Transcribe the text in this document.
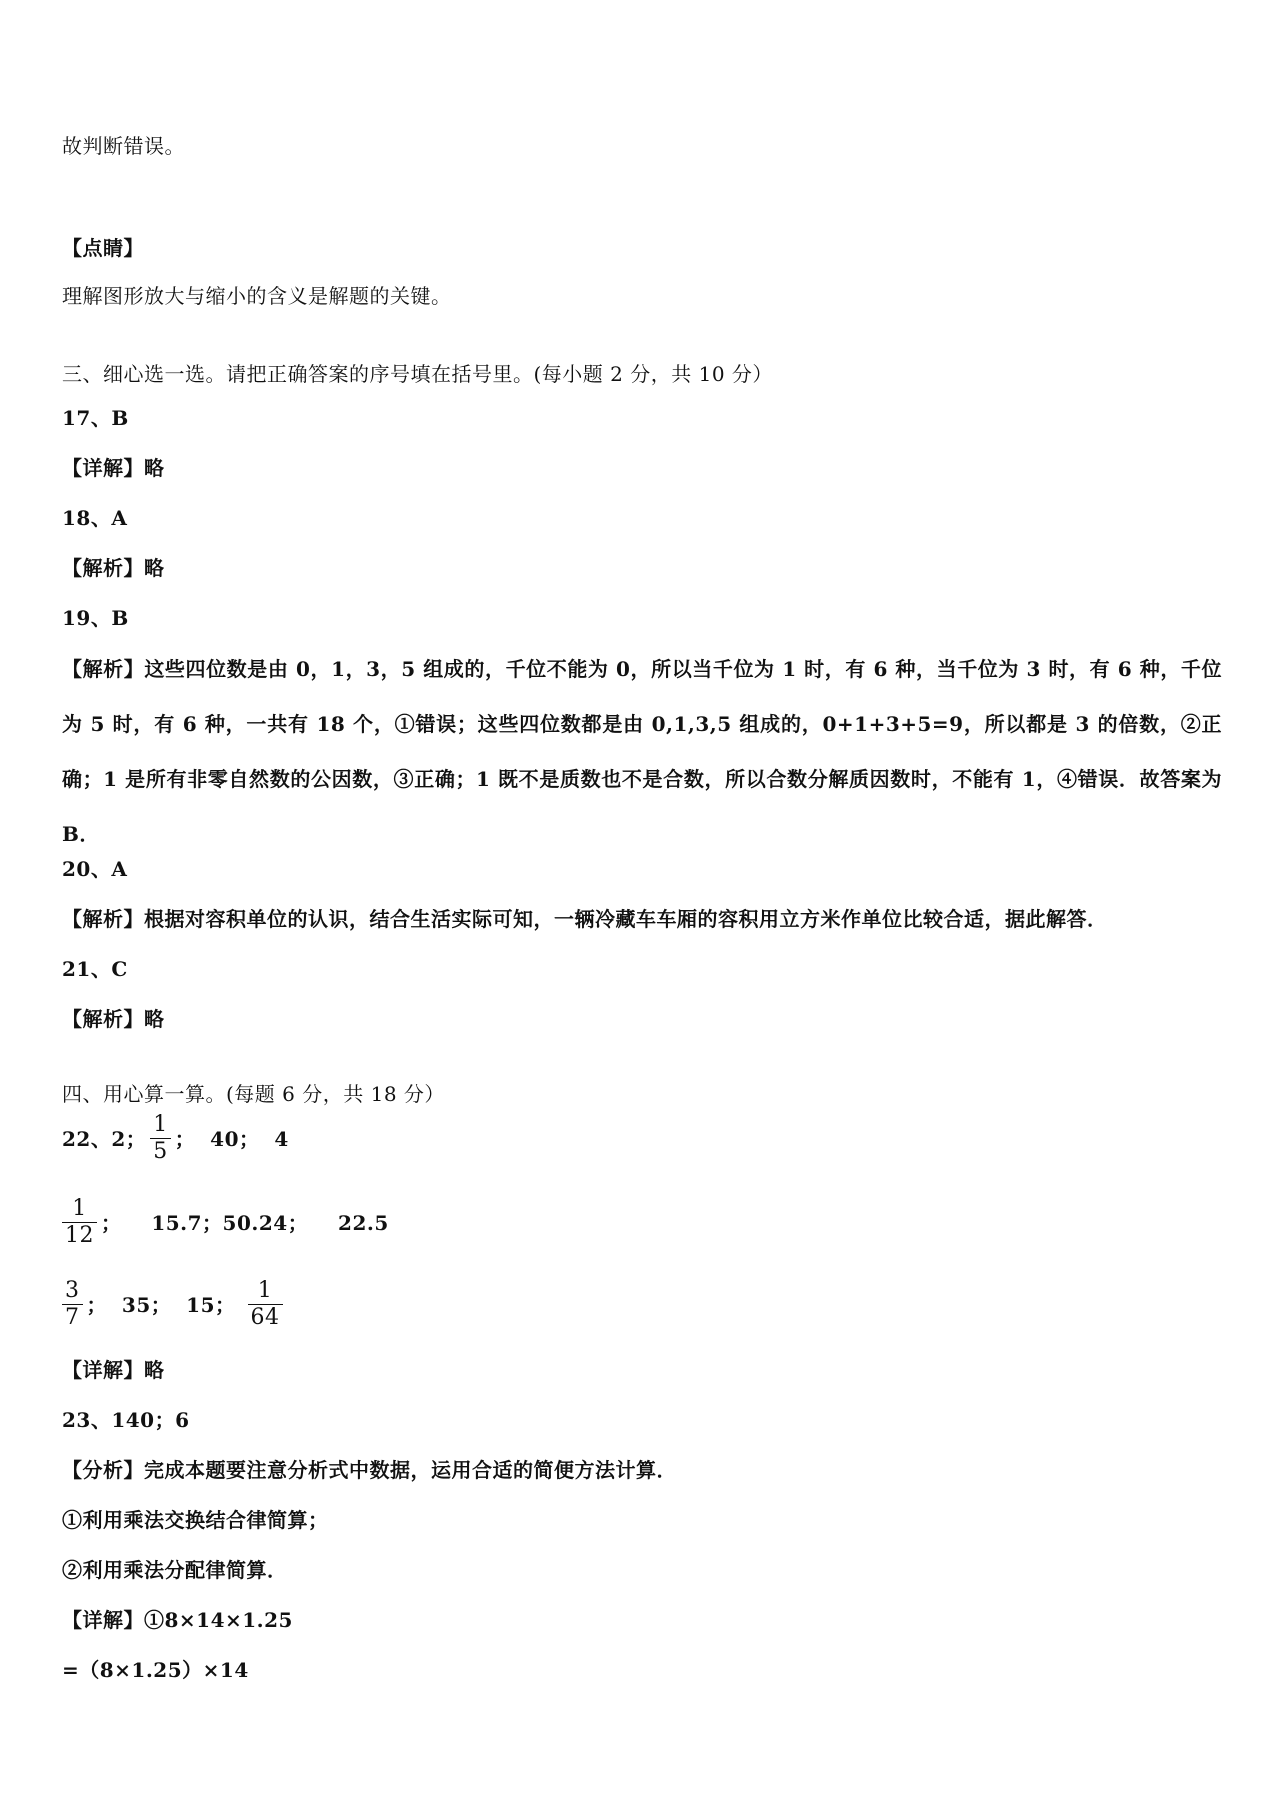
故判断错误。
【点睛】
理解图形放大与缩小的含义是解题的关键。
三、细心选一选。请把正确答案的序号填在括号里。(每小题 2 分，共 10 分）
17、B
【详解】略
18、A
【解析】略
19、B
【解析】这些四位数是由 0，1，3，5 组成的，千位不能为 0，所以当千位为 1 时，有 6 种，当千位为 3 时，有 6 种，千位为 5 时，有 6 种，一共有 18 个，①错误；这些四位数都是由 0,1,3,5 组成的，0+1+3+5=9，所以都是 3 的倍数，②正确；1 是所有非零自然数的公因数，③正确；1 既不是质数也不是合数，所以合数分解质因数时，不能有 1，④错误．故答案为 B．
20、A
【解析】根据对容积单位的认识，结合生活实际可知，一辆冷藏车车厢的容积用立方米作单位比较合适，据此解答．
21、C
【解析】略
四、用心算一算。(每题 6 分，共 18 分）
22、2； $\frac{1}{5}$ ；  40；  4
$\frac{1}{12}$ ；    15.7；50.24；    22.5
$\frac{3}{7}$ ；  35；  15； $\frac{1}{64}$
【详解】略
23、140；6
【分析】完成本题要注意分析式中数据，运用合适的简便方法计算．
①利用乘法交换结合律简算；
②利用乘法分配律简算．
【详解】①8×14×1.25
=（8×1.25）×14
